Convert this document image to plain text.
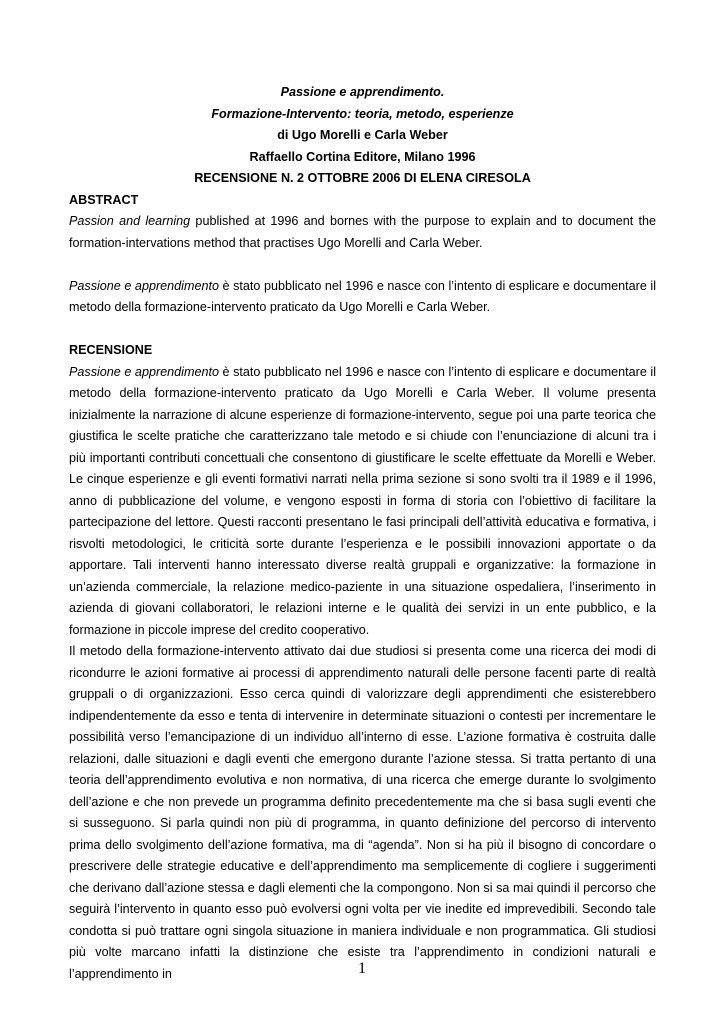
Passione e apprendimento.

Formazione-Intervento: teoria, metodo, esperienze

di Ugo Morelli e Carla Weber

Raffaello Cortina Editore, Milano 1996

RECENSIONE N. 2 OTTOBRE 2006 DI ELENA CIRESOLA

ABSTRACT

Passion and learning published at 1996 and bornes with the purpose to explain and to document the formation-intervations method that practises Ugo Morelli and Carla Weber.

Passione e apprendimento è stato pubblicato nel 1996 e nasce con l’intento di esplicare e documentare il metodo della formazione-intervento praticato da Ugo Morelli e Carla Weber.

RECENSIONE

Passione e apprendimento è stato pubblicato nel 1996 e nasce con l’intento di esplicare e documentare il metodo della formazione-intervento praticato da Ugo Morelli e Carla Weber. Il volume presenta inizialmente la narrazione di alcune esperienze di formazione-intervento, segue poi una parte teorica che giustifica le scelte pratiche che caratterizzano tale metodo e si chiude con l’enunciazione di alcuni tra i più importanti contributi concettuali che consentono di giustificare le scelte effettuate da Morelli e Weber. Le cinque esperienze e gli eventi formativi narrati nella prima sezione si sono svolti tra il 1989 e il 1996, anno di pubblicazione del volume, e vengono esposti in forma di storia con l’obiettivo di facilitare la partecipazione del lettore. Questi racconti presentano le fasi principali dell’attività educativa e formativa, i risvolti metodologici, le criticità sorte durante l’esperienza e le possibili innovazioni apportate o da apportare. Tali interventi hanno interessato diverse realtà gruppali e organizzative: la formazione in un’azienda commerciale, la relazione medico-paziente in una situazione ospedaliera, l’inserimento in azienda di giovani collaboratori, le relazioni interne e le qualità dei servizi in un ente pubblico, e la formazione in piccole imprese del credito cooperativo.

Il metodo della formazione-intervento attivato dai due studiosi si presenta come una ricerca dei modi di ricondurre le azioni formative ai processi di apprendimento naturali delle persone facenti parte di realtà gruppali o di organizzazioni. Esso cerca quindi di valorizzare degli apprendimenti che esisterebbero indipendentemente da esso e tenta di intervenire in determinate situazioni o contesti per incrementare le possibilità verso l’emancipazione di un individuo all’interno di esse. L’azione formativa è costruita dalle relazioni, dalle situazioni e dagli eventi che emergono durante l’azione stessa. Si tratta pertanto di una teoria dell’apprendimento evolutiva e non normativa, di una ricerca che emerge durante lo svolgimento dell’azione e che non prevede un programma definito precedentemente ma che si basa sugli eventi che si susseguono. Si parla quindi non più di programma, in quanto definizione del percorso di intervento prima dello svolgimento dell’azione formativa, ma di “agenda”. Non si ha più il bisogno di concordare o prescrivere delle strategie educative e dell’apprendimento ma semplicemente di cogliere i suggerimenti che derivano dall’azione stessa e dagli elementi che la compongono. Non si sa mai quindi il percorso che seguirà l’intervento in quanto esso può evolversi ogni volta per vie inedite ed imprevedibili. Secondo tale condotta si può trattare ogni singola situazione in maniera individuale e non programmatica. Gli studiosi più volte marcano infatti la distinzione che esiste tra l’apprendimento in condizioni naturali e l’apprendimento in	1
